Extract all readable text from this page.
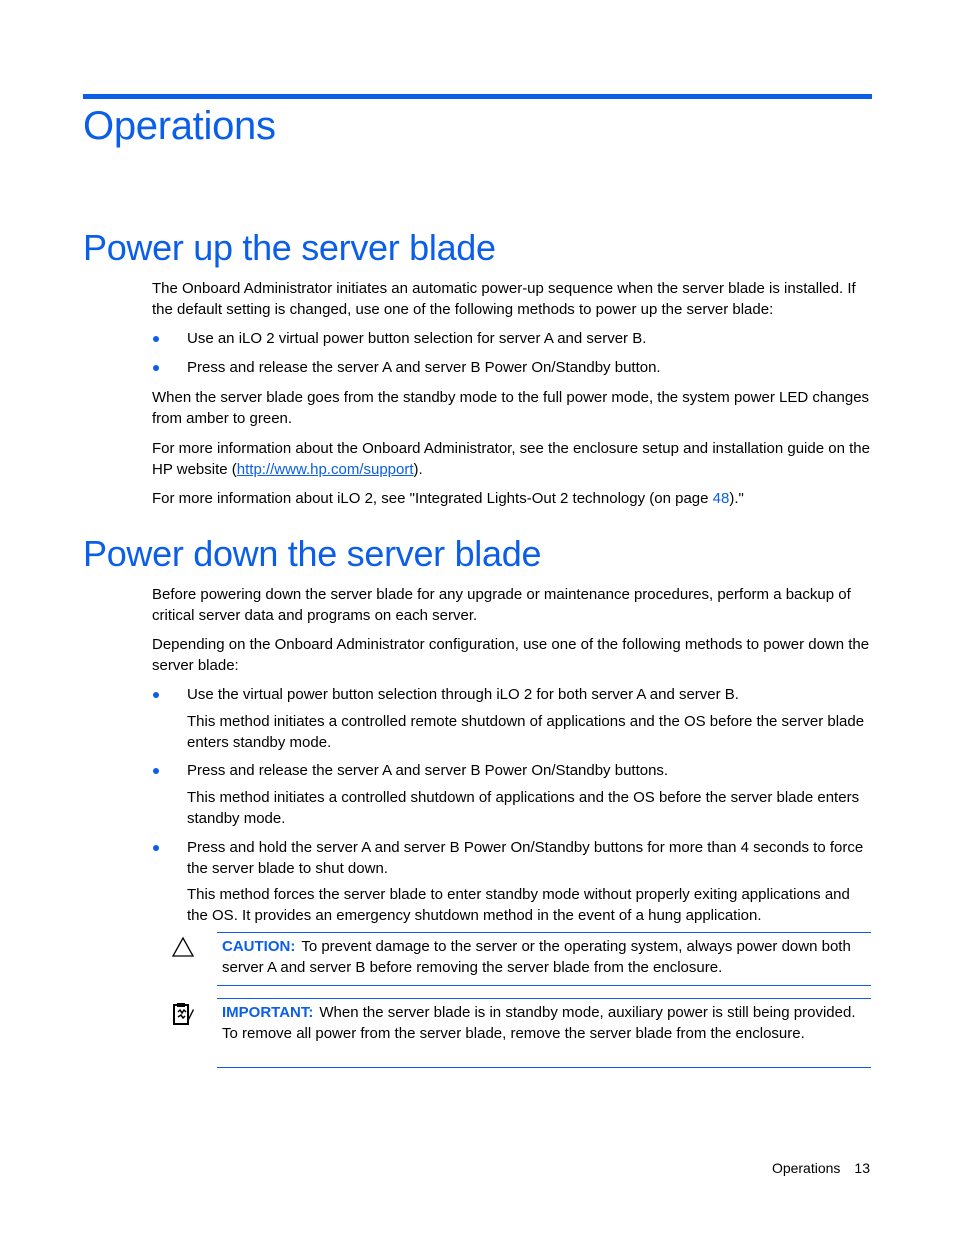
Operations
Power up the server blade

The Onboard Administrator initiates an automatic power-up sequence when the server blade is installed. If the default setting is changed, use one of the following methods to power up the server blade:

Use an iLO 2 virtual power button selection for server A and server B.
Press and release the server A and server B Power On/Standby button.

When the server blade goes from the standby mode to the full power mode, the system power LED changes from amber to green.

For more information about the Onboard Administrator, see the enclosure setup and installation guide on the HP website (http://www.hp.com/support).

For more information about iLO 2, see "Integrated Lights-Out 2 technology (on page 48)."

Power down the server blade

Before powering down the server blade for any upgrade or maintenance procedures, perform a backup of critical server data and programs on each server.

Depending on the Onboard Administrator configuration, use one of the following methods to power down the server blade:

Use the virtual power button selection through iLO 2 for both server A and server B.

This method initiates a controlled remote shutdown of applications and the OS before the server blade enters standby mode.

Press and release the server A and server B Power On/Standby buttons.

This method initiates a controlled shutdown of applications and the OS before the server blade enters standby mode.

Press and hold the server A and server B Power On/Standby buttons for more than 4 seconds to force the server blade to shut down.

This method forces the server blade to enter standby mode without properly exiting applications and the OS. It provides an emergency shutdown method in the event of a hung application.

CAUTION: To prevent damage to the server or the operating system, always power down both server A and server B before removing the server blade from the enclosure.
IMPORTANT: When the server blade is in standby mode, auxiliary power is still being provided. To remove all power from the server blade, remove the server blade from the enclosure.
Operations 13
